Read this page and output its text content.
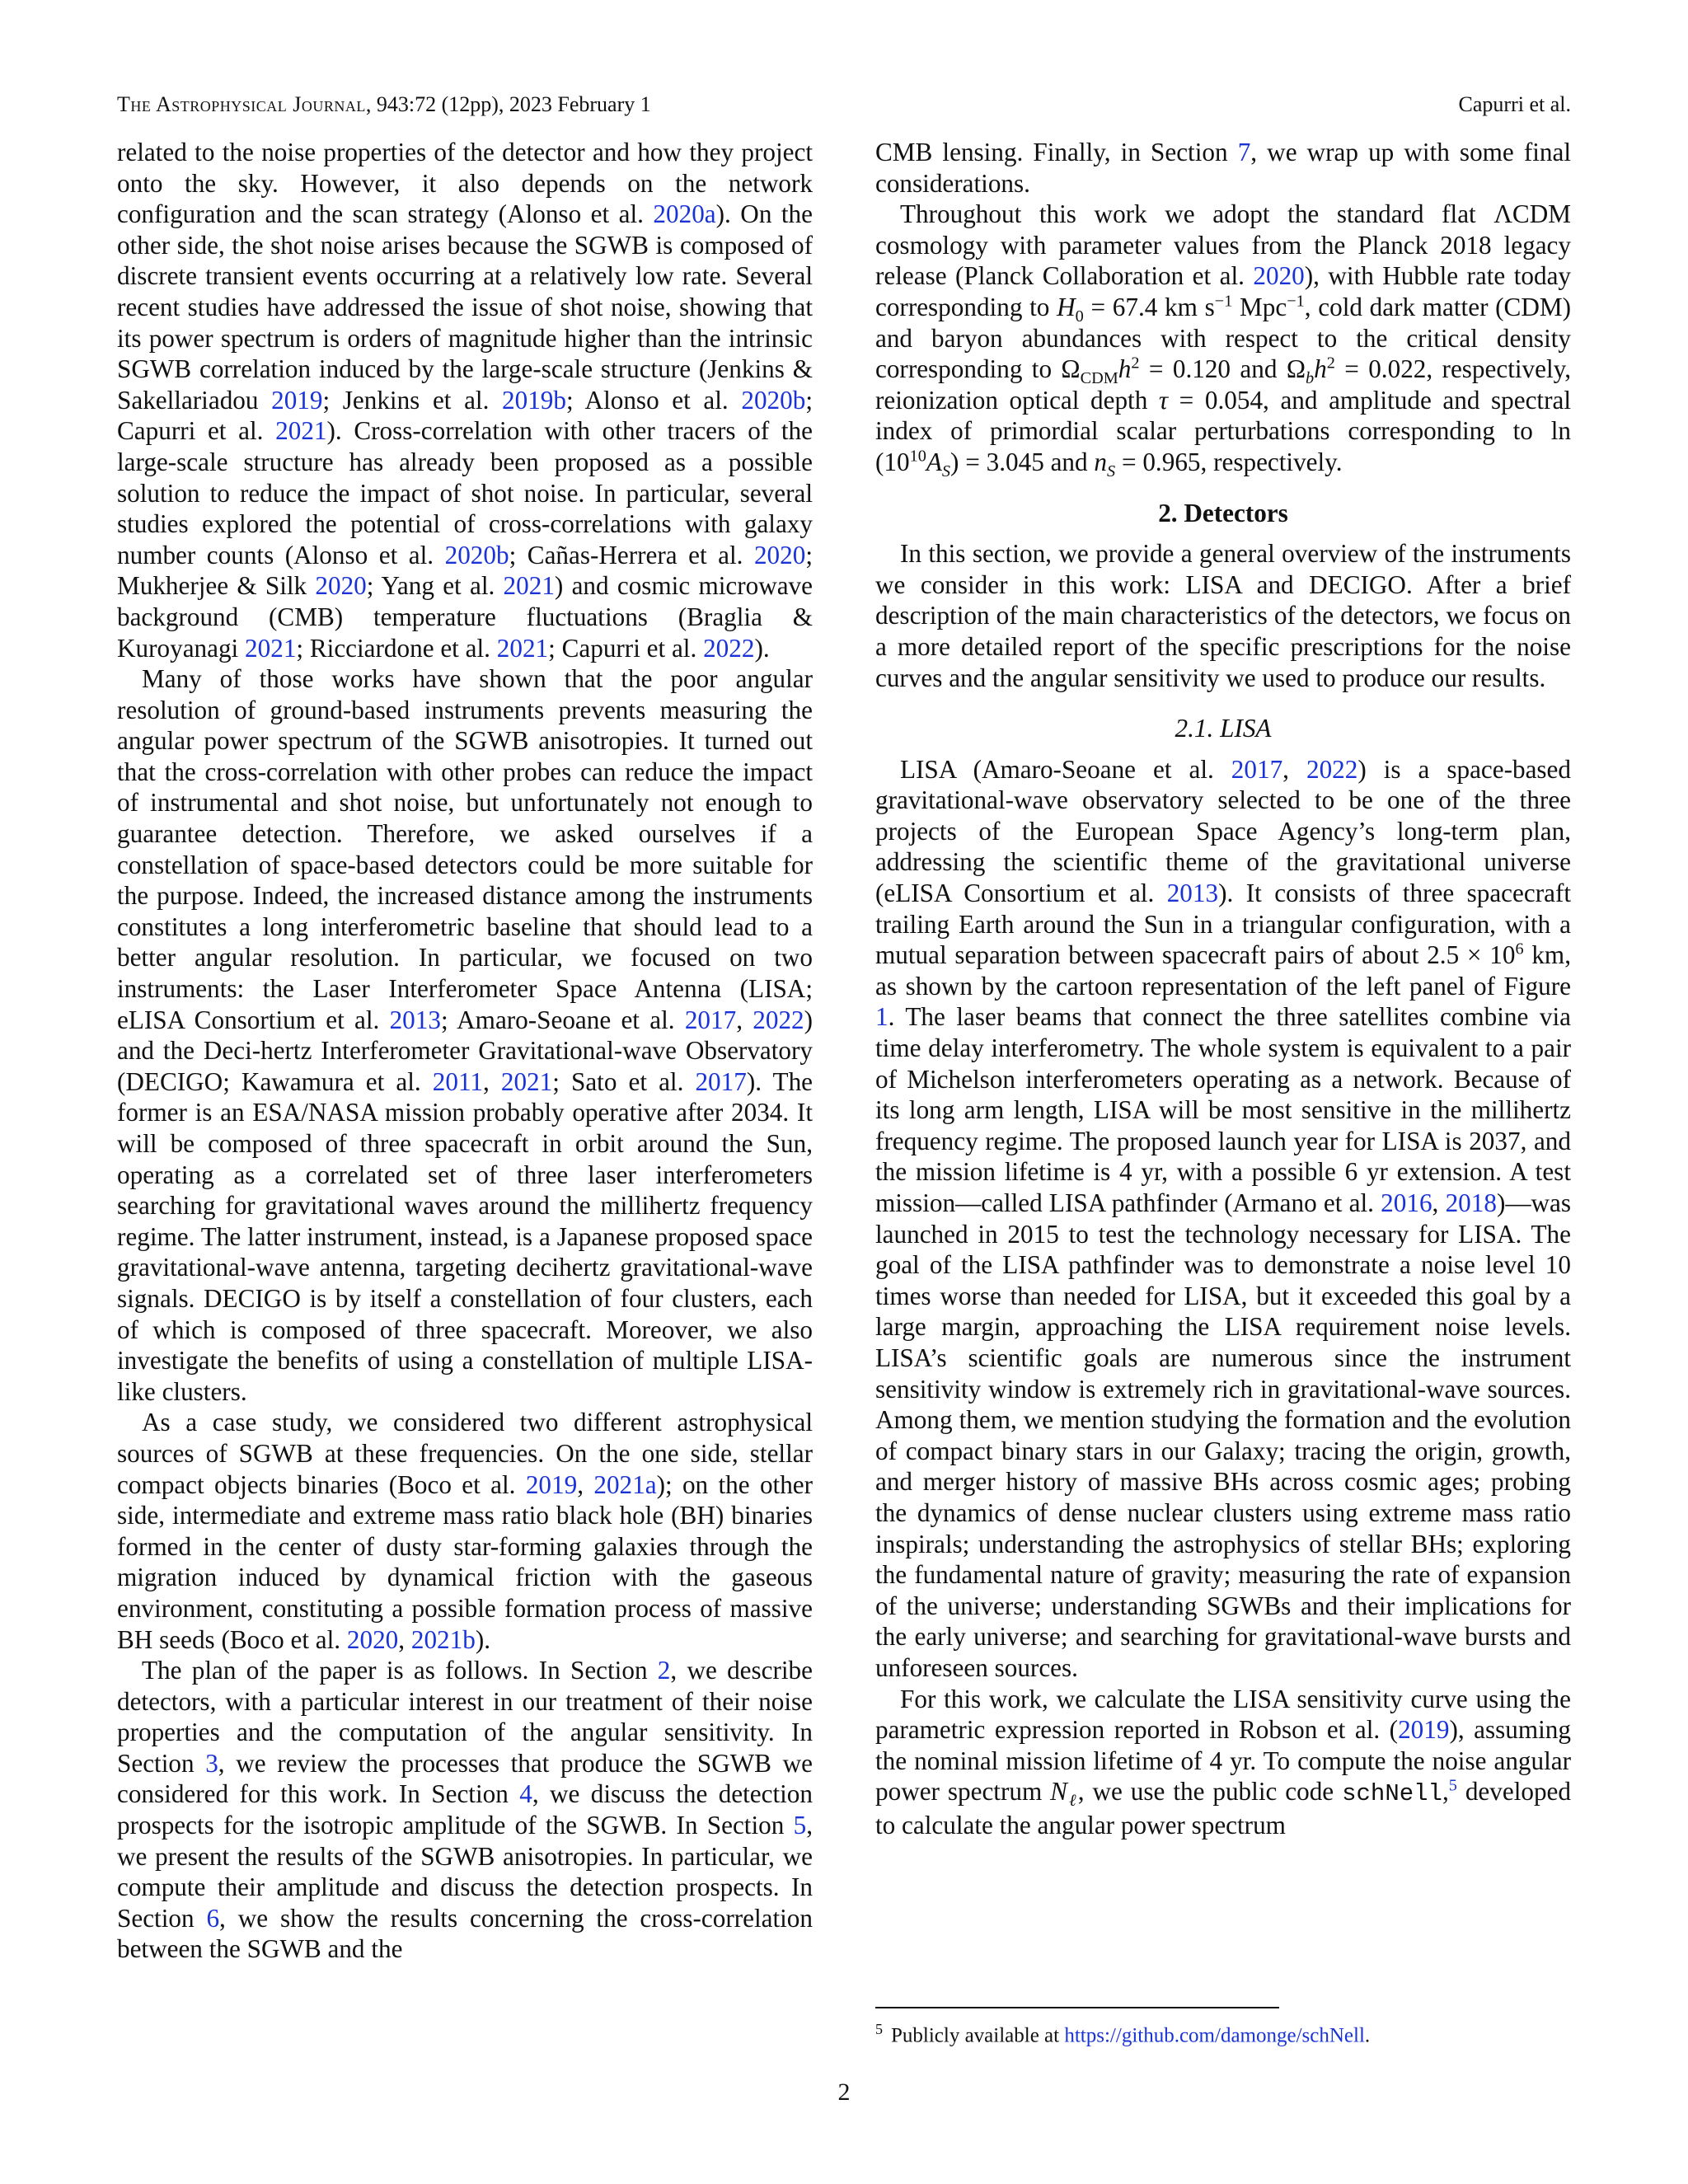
The Astrophysical Journal, 943:72 (12pp), 2023 February 1	Capurri et al.

related to the noise properties of the detector and how they project onto the sky. However, it also depends on the network configuration and the scan strategy (Alonso et al. 2020a). On the other side, the shot noise arises because the SGWB is composed of discrete transient events occurring at a relatively low rate. Several recent studies have addressed the issue of shot noise, showing that its power spectrum is orders of magnitude higher than the intrinsic SGWB correlation induced by the large-scale structure (Jenkins & Sakellariadou 2019; Jenkins et al. 2019b; Alonso et al. 2020b; Capurri et al. 2021). Cross-correlation with other tracers of the large-scale structure has already been proposed as a possible solution to reduce the impact of shot noise. In particular, several studies explored the potential of cross-correlations with galaxy number counts (Alonso et al. 2020b; Cañas-Herrera et al. 2020; Mukherjee & Silk 2020; Yang et al. 2021) and cosmic microwave background (CMB) temperature fluctuations (Braglia & Kuroyanagi 2021; Ricciardone et al. 2021; Capurri et al. 2022).

Many of those works have shown that the poor angular resolution of ground-based instruments prevents measuring the angular power spectrum of the SGWB anisotropies. It turned out that the cross-correlation with other probes can reduce the impact of instrumental and shot noise, but unfortunately not enough to guarantee detection. Therefore, we asked ourselves if a constellation of space-based detectors could be more suitable for the purpose. Indeed, the increased distance among the instruments constitutes a long interferometric baseline that should lead to a better angular resolution. In particular, we focused on two instruments: the Laser Interferometer Space Antenna (LISA; eLISA Consortium et al. 2013; Amaro-Seoane et al. 2017, 2022) and the Deci-hertz Interferometer Gravitational-wave Observatory (DECIGO; Kawamura et al. 2011, 2021; Sato et al. 2017). The former is an ESA/NASA mission probably operative after 2034. It will be composed of three spacecraft in orbit around the Sun, operating as a correlated set of three laser interferometers searching for gravitational waves around the millihertz frequency regime. The latter instrument, instead, is a Japanese proposed space gravitational-wave antenna, targeting decihertz gravitational-wave signals. DECIGO is by itself a constellation of four clusters, each of which is composed of three spacecraft. Moreover, we also investigate the benefits of using a constellation of multiple LISA-like clusters.

As a case study, we considered two different astrophysical sources of SGWB at these frequencies. On the one side, stellar compact objects binaries (Boco et al. 2019, 2021a); on the other side, intermediate and extreme mass ratio black hole (BH) binaries formed in the center of dusty star-forming galaxies through the migration induced by dynamical friction with the gaseous environment, constituting a possible formation process of massive BH seeds (Boco et al. 2020, 2021b).

The plan of the paper is as follows. In Section 2, we describe detectors, with a particular interest in our treatment of their noise properties and the computation of the angular sensitivity. In Section 3, we review the processes that produce the SGWB we considered for this work. In Section 4, we discuss the detection prospects for the isotropic amplitude of the SGWB. In Section 5, we present the results of the SGWB anisotropies. In particular, we compute their amplitude and discuss the detection prospects. In Section 6, we show the results concerning the cross-correlation between the SGWB and the

CMB lensing. Finally, in Section 7, we wrap up with some final considerations.

Throughout this work we adopt the standard flat ΛCDM cosmology with parameter values from the Planck 2018 legacy release (Planck Collaboration et al. 2020), with Hubble rate today corresponding to $H_0 = 67.4$ km $s^{-1}$ Mpc$^{-1}$, cold dark matter (CDM) and baryon abundances with respect to the critical density corresponding to $\Omega_{CDM}h^2 = 0.120$ and $\Omega_bh^2 = 0.022$, respectively, reionization optical depth τ = 0.054, and amplitude and spectral index of primordial scalar perturbations corresponding to $\ln (10^{10}A_S) = 3.045$ and $n_S = 0.965$, respectively.

2. Detectors

In this section, we provide a general overview of the instruments we consider in this work: LISA and DECIGO. After a brief description of the main characteristics of the detectors, we focus on a more detailed report of the specific prescriptions for the noise curves and the angular sensitivity we used to produce our results.

2.1. LISA

LISA (Amaro-Seoane et al. 2017, 2022) is a space-based gravitational-wave observatory selected to be one of the three projects of the European Space Agency’s long-term plan, addressing the scientific theme of the gravitational universe (eLISA Consortium et al. 2013). It consists of three spacecraft trailing Earth around the Sun in a triangular configuration, with a mutual separation between spacecraft pairs of about $2.5 \times 10^6$ km, as shown by the cartoon representation of the left panel of Figure 1. The laser beams that connect the three satellites combine via time delay interferometry. The whole system is equivalent to a pair of Michelson interferometers operating as a network. Because of its long arm length, LISA will be most sensitive in the millihertz frequency regime. The proposed launch year for LISA is 2037, and the mission lifetime is 4 yr, with a possible 6 yr extension. A test mission—called LISA pathfinder (Armano et al. 2016, 2018)—was launched in 2015 to test the technology necessary for LISA. The goal of the LISA pathfinder was to demonstrate a noise level 10 times worse than needed for LISA, but it exceeded this goal by a large margin, approaching the LISA requirement noise levels. LISA’s scientific goals are numerous since the instrument sensitivity window is extremely rich in gravitational-wave sources. Among them, we mention studying the formation and the evolution of compact binary stars in our Galaxy; tracing the origin, growth, and merger history of massive BHs across cosmic ages; probing the dynamics of dense nuclear clusters using extreme mass ratio inspirals; understanding the astrophysics of stellar BHs; exploring the fundamental nature of gravity; measuring the rate of expansion of the universe; understanding SGWBs and their implications for the early universe; and searching for gravitational-wave bursts and unforeseen sources.

For this work, we calculate the LISA sensitivity curve using the parametric expression reported in Robson et al. (2019), assuming the nominal mission lifetime of 4 yr. To compute the noise angular power spectrum $N_\ell$, we use the public code schNell,$^5$ developed to calculate the angular power spectrum

$^5$ Publicly available at https://github.com/damonge/schNell.
2
